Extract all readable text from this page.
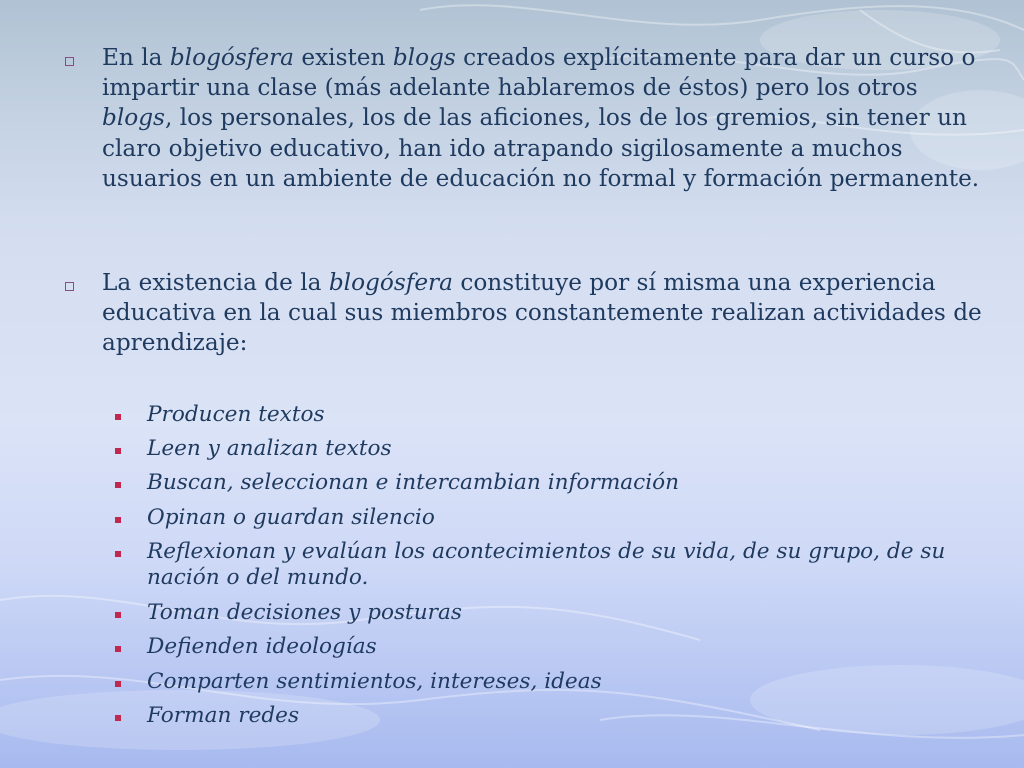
En la blogósfera existen blogs creados explícitamente para dar un curso o impartir una clase (más adelante hablaremos de éstos) pero los otros blogs, los personales, los de las aficiones, los de los gremios, sin tener un claro objetivo educativo, han ido atrapando sigilosamente a muchos usuarios en un ambiente de educación no formal y formación permanente.

La existencia de la blogósfera constituye por sí misma una experiencia educativa en la cual sus miembros constantemente realizan actividades de aprendizaje:

Producen textos

Leen y analizan textos

Buscan, seleccionan e intercambian información

Opinan o guardan silencio

Reflexionan y evalúan los acontecimientos de su vida, de su grupo, de su nación o del mundo.

Toman decisiones y posturas

Defienden ideologías

Comparten sentimientos, intereses, ideas

Forman redes
